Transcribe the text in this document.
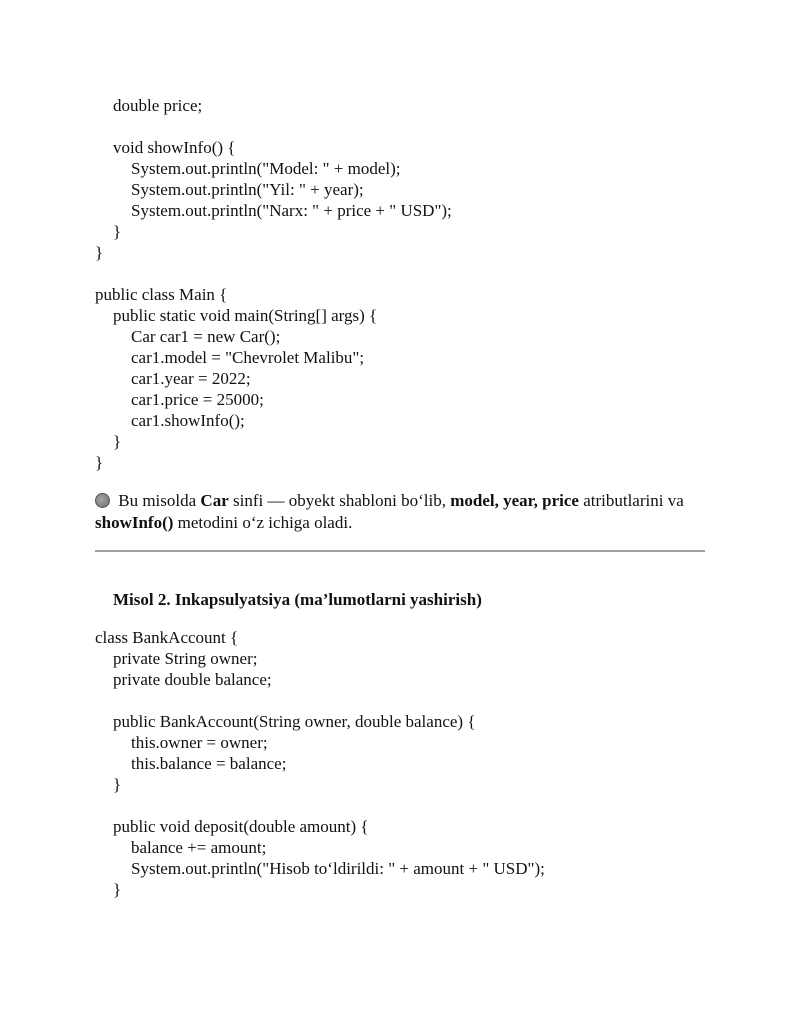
double price;
void showInfo() {
System.out.println("Model: " + model);
System.out.println("Yil: " + year);
System.out.println("Narx: " + price + " USD");
}
}
public class Main {
public static void main(String[] args) {
Car car1 = new Car();
car1.model = "Chevrolet Malibu";
car1.year = 2022;
car1.price = 25000;
car1.showInfo();
}
}
Bu misolda Car sinfi — obyekt shabloni bo‘lib, model, year, price atributlarini va showInfo() metodini o‘z ichiga oladi.
Misol 2. Inkapsulyatsiya (ma’lumotlarni yashirish)
class BankAccount {
private String owner;
private double balance;
public BankAccount(String owner, double balance) {
this.owner = owner;
this.balance = balance;
}
public void deposit(double amount) {
balance += amount;
System.out.println("Hisob to‘ldirildi: " + amount + " USD");
}
